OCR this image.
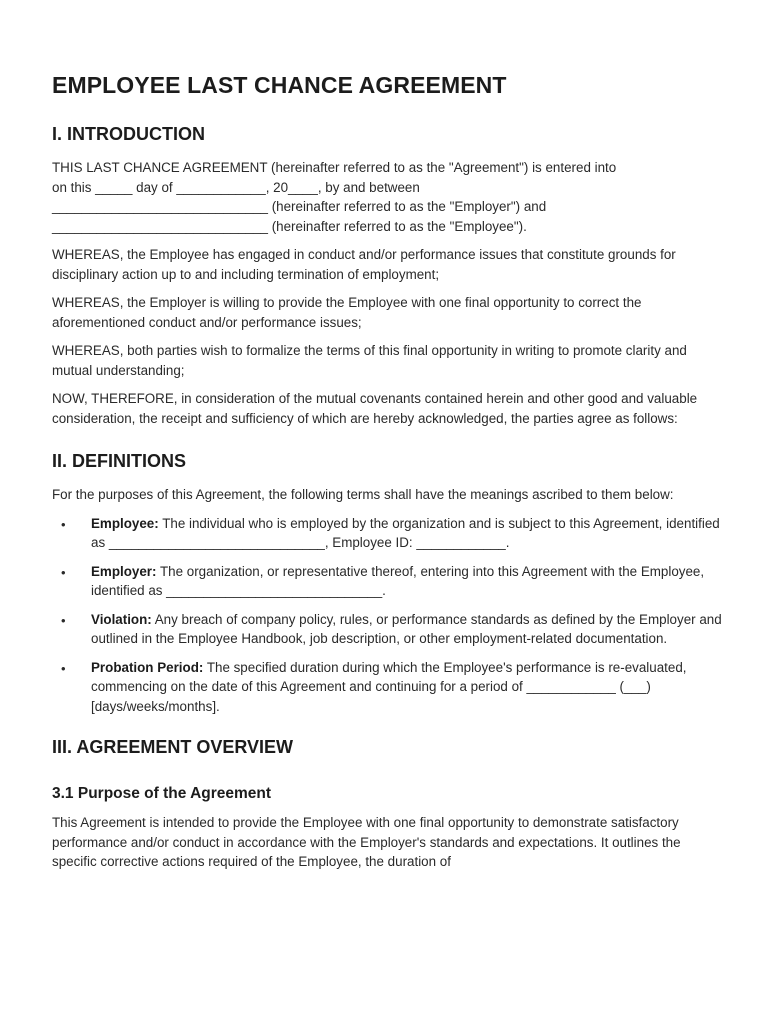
EMPLOYEE LAST CHANCE AGREEMENT
I. INTRODUCTION

THIS LAST CHANCE AGREEMENT (hereinafter referred to as the "Agreement") is entered into
on this _____ day of ____________, 20____, by and between
_____________________________ (hereinafter referred to as the "Employer") and
_____________________________ (hereinafter referred to as the "Employee").

WHEREAS, the Employee has engaged in conduct and/or performance issues that constitute grounds for disciplinary action up to and including termination of employment;

WHEREAS, the Employer is willing to provide the Employee with one final opportunity to correct the aforementioned conduct and/or performance issues;

WHEREAS, both parties wish to formalize the terms of this final opportunity in writing to promote clarity and mutual understanding;

NOW, THEREFORE, in consideration of the mutual covenants contained herein and other good and valuable consideration, the receipt and sufficiency of which are hereby acknowledged, the parties agree as follows:

II. DEFINITIONS

For the purposes of this Agreement, the following terms shall have the meanings ascribed to them below:

• Employee: The individual who is employed by the organization and is subject to this Agreement, identified as _____________________________, Employee ID: ____________.
• Employer: The organization, or representative thereof, entering into this Agreement with the Employee, identified as _____________________________.
• Violation: Any breach of company policy, rules, or performance standards as defined by the Employer and outlined in the Employee Handbook, job description, or other employment-related documentation.
• Probation Period: The specified duration during which the Employee's performance is re-evaluated, commencing on the date of this Agreement and continuing for a period of ____________ (___) [days/weeks/months].
III. AGREEMENT OVERVIEW
3.1 Purpose of the Agreement

This Agreement is intended to provide the Employee with one final opportunity to demonstrate satisfactory performance and/or conduct in accordance with the Employer's standards and expectations. It outlines the specific corrective actions required of the Employee, the duration of
